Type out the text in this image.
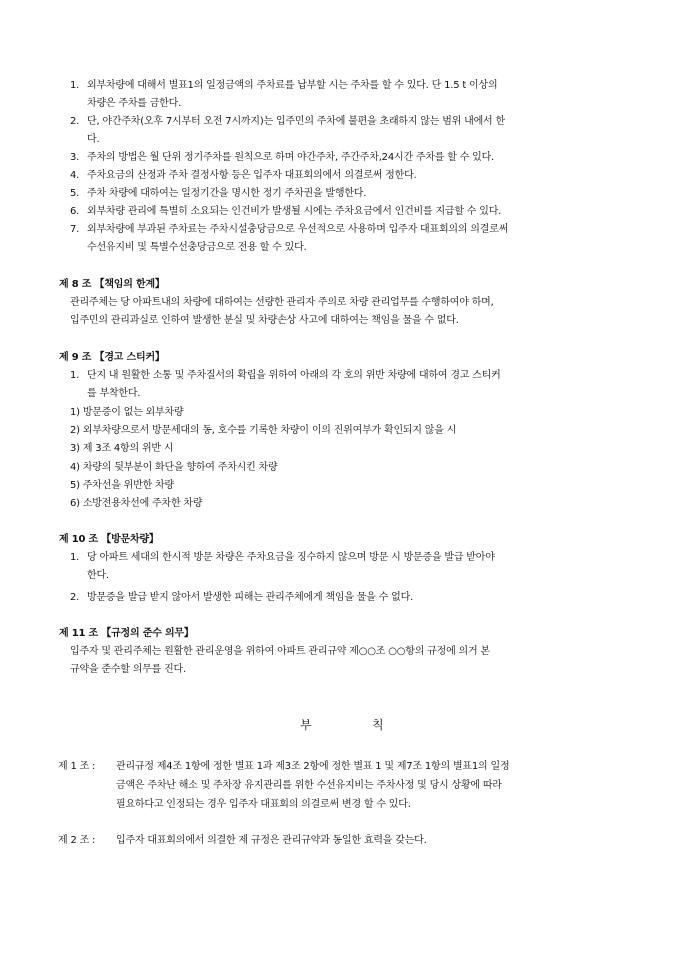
1. 외부차량에 대해서 별표1의 일정금액의 주차료를 납부할 시는 주차를 할 수 있다. 단 1.5 t 이상의
차량은 주차를 금한다.
2. 단, 야간주차(오후 7시부터 오전 7시까지)는 입주민의 주차에 불편을 초래하지 않는 범위 내에서 한
다.
3. 주차의 방법은 월 단위 정기주차를 원칙으로 하며 야간주차, 주간주차,24시간 주차를 할 수 있다.
4. 주차요금의 산정과 주차 결정사항 등은 입주자 대표회의에서 의결로써 정한다.
5. 주차 차량에 대하여는 일정기간을 명시한 정기 주차권을 발행한다.
6. 외부차량 관리에 특별히 소요되는 인건비가 발생될 시에는 주차요금에서 인건비를 지급할 수 있다.
7. 외부차량에 부과된 주차료는 주차시설충당금으로 우선적으로 사용하며 입주자 대표회의의 의결로써
수선유지비 및 특별수선충당금으로 전용 할 수 있다.
제 8 조 【책임의 한계】
관리주체는 당 아파트내의 차량에 대하여는 선량한 관리자 주의로 차량 관리업무를 수행하여야 하며,
입주민의 관리과실로 인하여 발생한 분실 및 차량손상 사고에 대하여는 책임을 물을 수 없다.
제 9 조 【경고 스티커】
1. 단지 내 원활한 소통 및 주차질서의 확립을 위하여 아래의 각 호의 위반 차량에 대하여 경고 스티커
를 부착한다.
1) 방문증이 없는 외부차량
2) 외부차량으로서 방문세대의 동, 호수를 기록한 차량이 이의 진위여부가 확인되지 않을 시
3) 제 3조 4항의 위반 시
4) 차량의 뒷부분이 화단을 향하여 주차시킨 차량
5) 주차선을 위반한 차량
6) 소방전용차선에 주차한 차량
제 10 조 【방문차량】
1. 당 아파트 세대의 한시적 방문 차량은 주차요금을 징수하지 않으며 방문 시 방문증을 발급 받아야
한다.
2. 방문증을 발급 받지 않아서 발생한 피해는 관리주체에게 책임을 물을 수 없다.
제 11 조 【규정의 준수 의무】
입주자 및 관리주체는 원활한 관리운영을 위하여 아파트 관리규약 제○○조 ○○항의 규정에 의거 본
규약을 준수할 의무를 진다.
부	칙
제 1 조 : 관리규정 제4조 1항에 정한 별표 1과 제3조 2항에 정한 별표 1 및 제7조 1항의 별표1의 일정
금액은 주차난 해소 및 주차장 유지관리를 위한 수선유지비는 주차사정 및 당시 상황에 따라
필요하다고 인정되는 경우 입주자 대표회의 의결로써 변경 할 수 있다.
제 2 조 : 입주자 대표회의에서 의결한 제 규정은 관리규약과 동일한 효력을 갖는다.
